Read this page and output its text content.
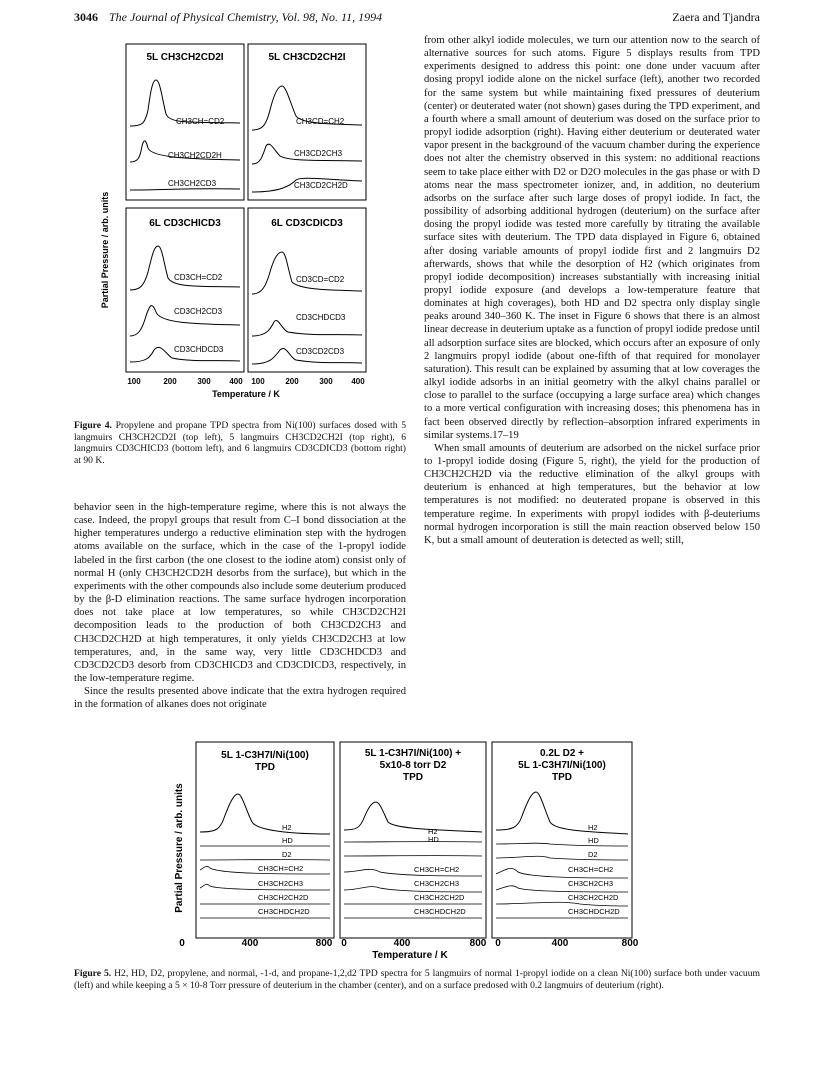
3046 The Journal of Physical Chemistry, Vol. 98, No. 11, 1994	Zaera and Tjandra
Partial Pressure / arb. units
5L CH3CH2CD2I
CH3CH=CD2
CH3CH2CD2H
CH3CH2CD3
5L CH3CD2CH2I
CH3CD=CH2
CH3CD2CH3
CH3CD2CH2D
6L CD3CHICD3
CD3CH=CD2
CD3CH2CD3
CD3CHDCD3
6L CD3CDICD3
CD3CD=CD2
CD3CHDCD3
CD3CD2CD3
100	200	300 400 100	200	300 400
Temperature / K
Figure 4. Propylene and propane TPD spectra from Ni(100) surfaces dosed with 5 langmuirs CH3CH2CD2I (top left), 5 langmuirs CH3CD2CH2I (top right), 6 langmuirs CD3CHICD3 (bottom left), and 6 langmuirs CD3CDICD3 (bottom right) at 90 K.

from other alkyl iodide molecules, we turn our attention now to the search of alternative sources for such atoms. Figure 5 displays results from TPD experiments designed to address this point: one done under vacuum after dosing propyl iodide alone on the nickel surface (left), another two recorded for the same system but while maintaining fixed pressures of deuterium (center) or deuterated water (not shown) gases during the TPD experiment, and a fourth where a small amount of deuterium was dosed on the surface prior to propyl iodide adsorption (right). Having either deuterium or deuterated water vapor present in the background of the vacuum chamber during the experience does not alter the chemistry observed in this system: no additional reactions seem to take place either with D2 or D2O molecules in the gas phase or with D atoms near the mass spectrometer ionizer, and, in addition, no deuterium adsorbs on the surface after such large doses of propyl iodide. In fact, the possibility of adsorbing additional hydrogen (deuterium) on the surface after dosing the propyl iodide was tested more carefully by titrating the available surface sites with deuterium. The TPD data displayed in Figure 6, obtained after dosing variable amounts of propyl iodide first and 2 langmuirs D2 afterwards, shows that while the desorption of H2 (which originates from propyl iodide decomposition) increases substantially with increasing initial propyl iodide exposure (and develops a low-temperature feature that dominates at high coverages), both HD and D2 spectra only display single peaks around 340–360 K. The inset in Figure 6 shows that there is an almost linear decrease in deuterium uptake as a function of propyl iodide predose until all adsorption surface sites are blocked, which occurs after an exposure of only 2 langmuirs propyl iodide (about one-fifth of that required for monolayer saturation). This result can be explained by assuming that at low coverages the alkyl iodide adsorbs in an initial geometry with the alkyl chains parallel or close to parallel to the surface (occupying a large surface area) which changes to a more vertical configuration with increasing doses; this phenomena has in fact been observed directly by reflection–absorption infrared experiments in similar systems.17–19

When small amounts of deuterium are adsorbed on the nickel surface prior to 1-propyl iodide dosing (Figure 5, right), the yield for the production of CH3CH2CH2D via the reductive elimination of the alkyl groups with deuterium is enhanced at high temperatures, but the behavior at low temperatures is not modified: no deuterated propane is observed in this temperature regime. In experiments with propyl iodides with β-deuteriums normal hydrogen incorporation is still the main reaction observed below 150 K, but a small amount of deuteration is detected as well; still,

behavior seen in the high-temperature regime, where this is not always the case. Indeed, the propyl groups that result from C–I bond dissociation at the higher temperatures undergo a reductive elimination step with the hydrogen atoms available on the surface, which in the case of the 1-propyl iodide labeled in the first carbon (the one closest to the iodine atom) consist only of normal H (only CH3CH2CD2H desorbs from the surface), but which in the experiments with the other compounds also include some deuterium produced by the β-D elimination reactions. The same surface hydrogen incorporation does not take place at low temperatures, so while CH3CD2CH2I decomposition leads to the production of both CH3CD2CH3 and CH3CD2CH2D at high temperatures, it only yields CH3CD2CH3 at low temperatures, and, in the same way, very little CD3CHDCD3 and CD3CD2CD3 desorb from CD3CHICD3 and CD3CDICD3, respectively, in the low-temperature regime.

Since the results presented above indicate that the extra hydrogen required in the formation of alkanes does not originate

Partial Pressure / arb. units
5L 1-C3H7I/Ni(100)
TPD
H2
HD
D2
CH3CH=CH2
CH3CH2CH3
CH3CH2CH2D
CH3CHDCH2D
5L 1-C3H7I/Ni(100) +
5x10-8 torr D2
TPD
H2
HD
CH3CH=CH2
CH3CH2CH3
CH3CH2CH2D
CH3CHDCH2D
0.2L D2 +
5L 1-C3H7I/Ni(100)
TPD
H2
HD
D2
CH3CH=CH2
CH3CH2CH3
CH3CH2CH2D
CH3CHDCH2D
0	400	800 0	400	800 0	400	800
Temperature / K
Figure 5. H2, HD, D2, propylene, and normal, -1-d, and propane-1,2,d2 TPD spectra for 5 langmuirs of normal 1-propyl iodide on a clean Ni(100) surface both under vacuum (left) and while keeping a 5 × 10-8 Torr pressure of deuterium in the chamber (center), and on a surface predosed with 0.2 langmuirs of deuterium (right).
